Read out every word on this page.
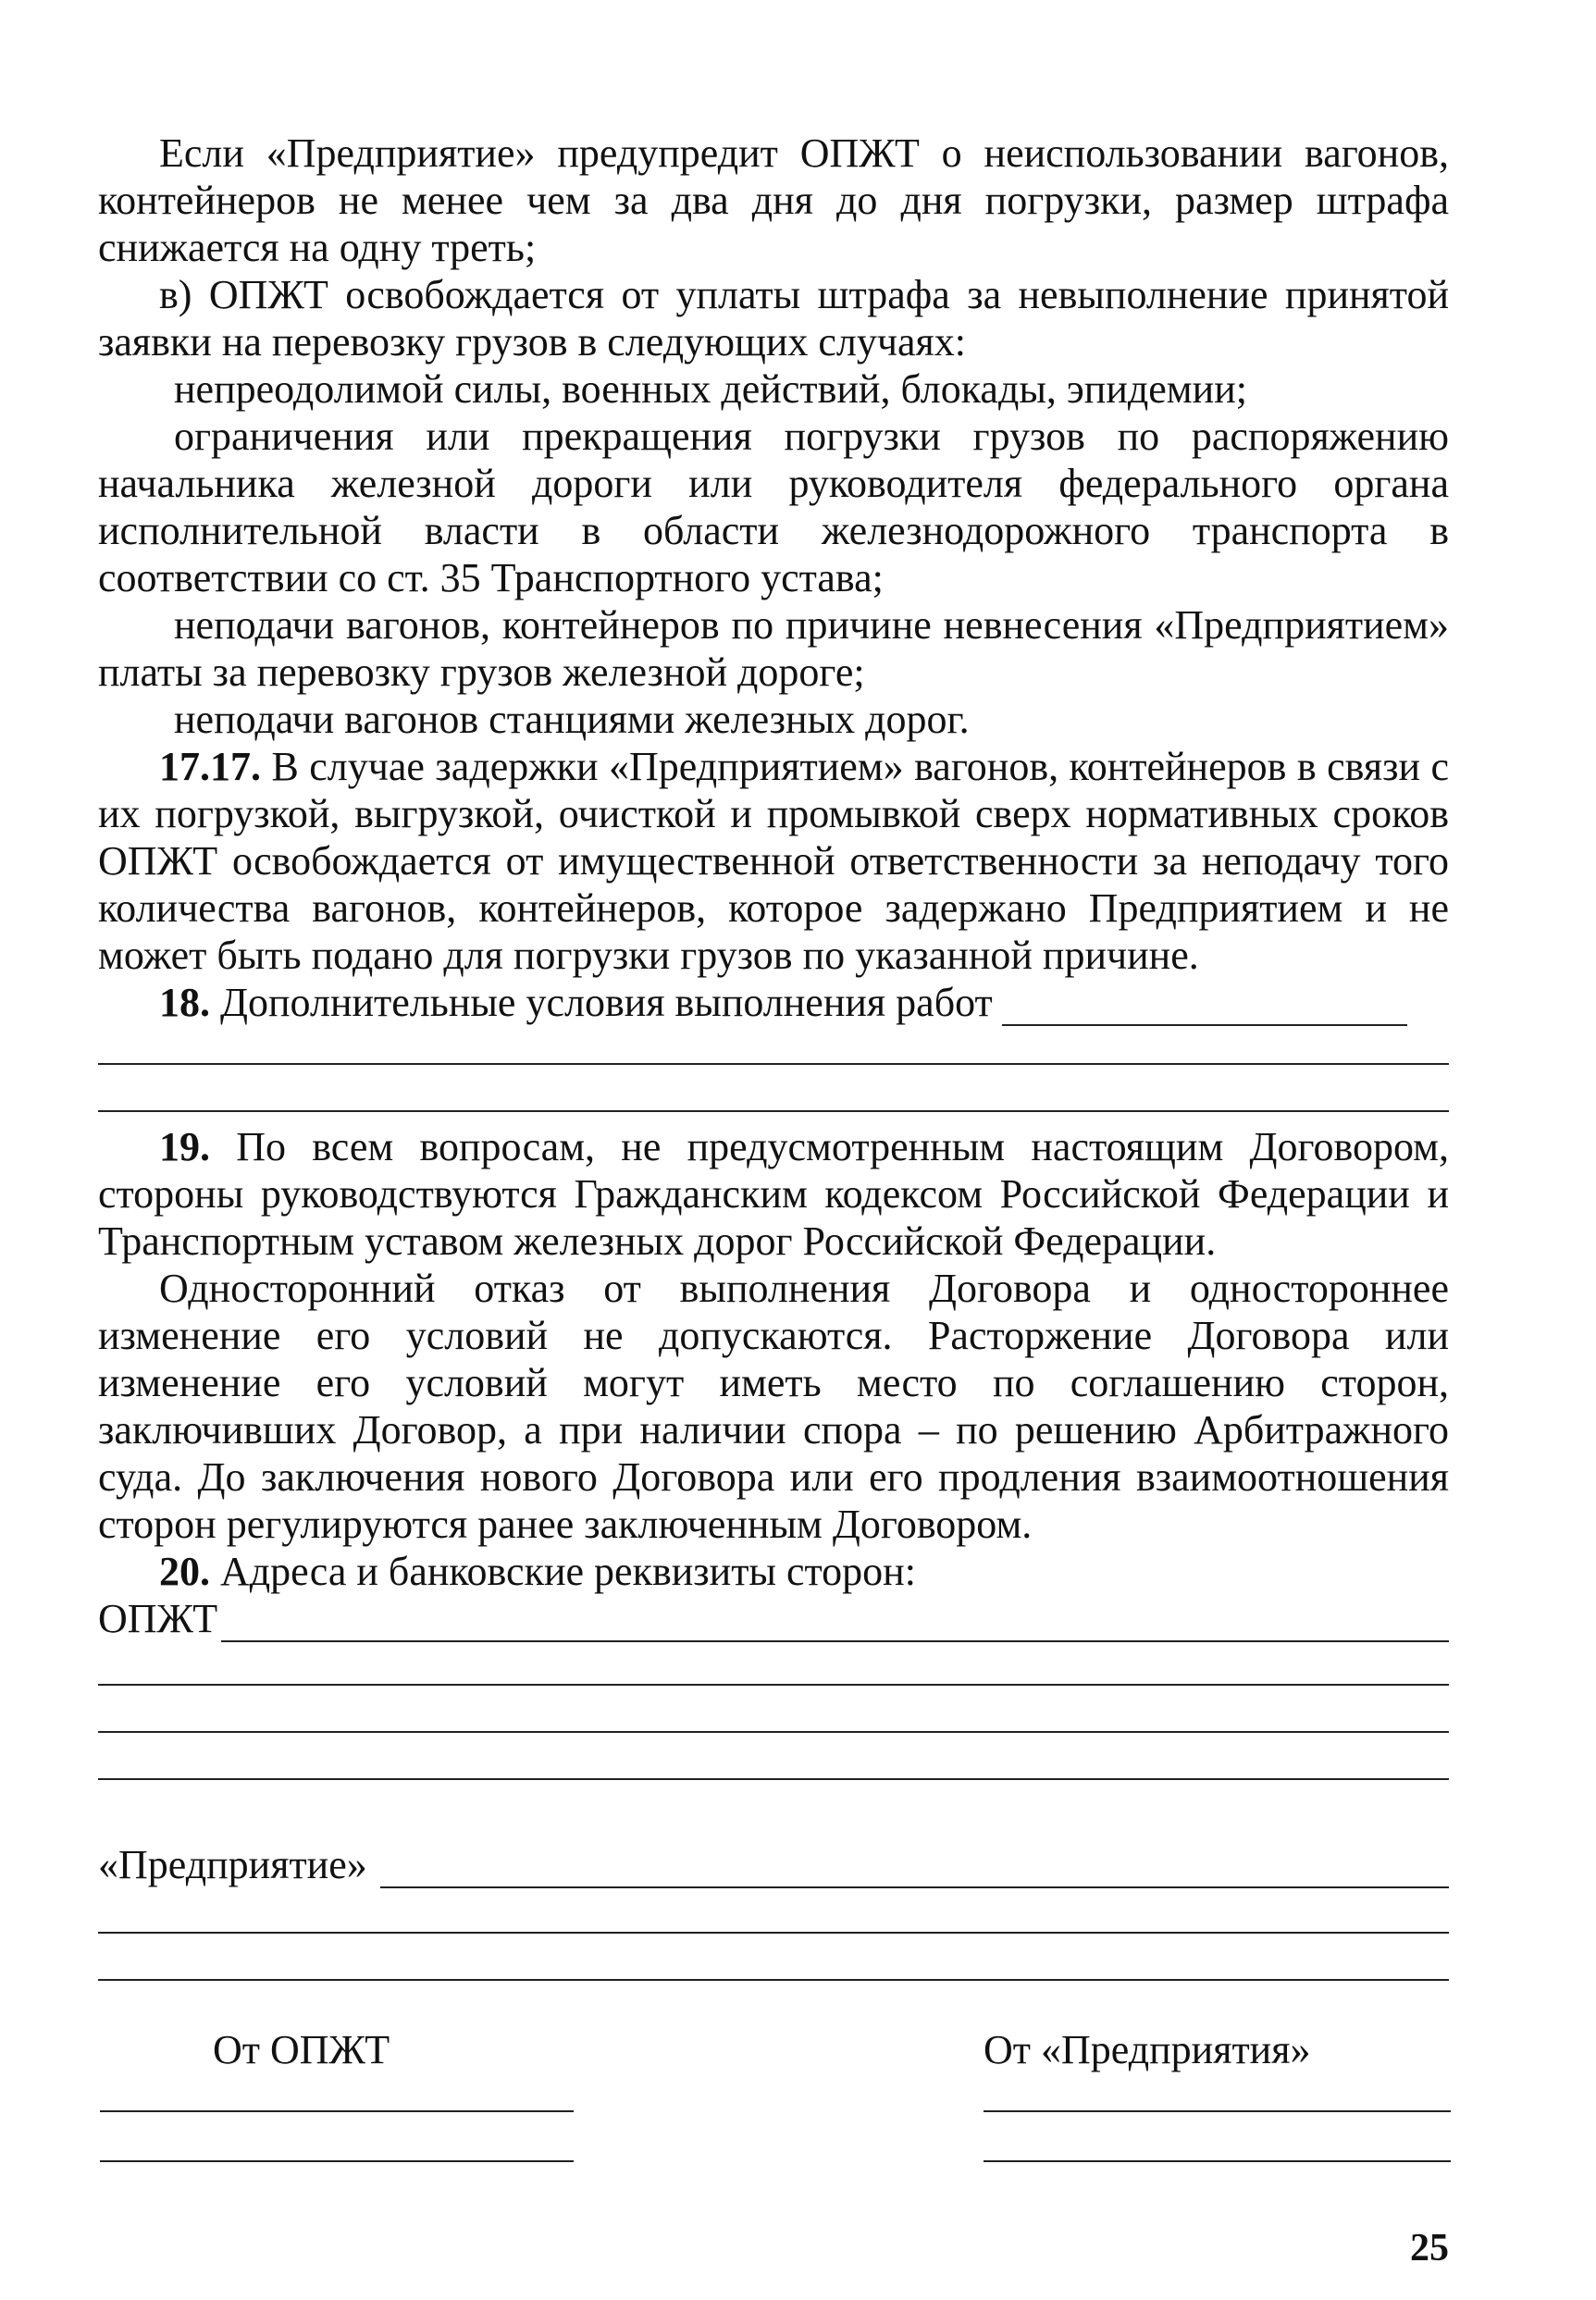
Если «Предприятие» предупредит ОПЖТ о неиспользовании вагонов, контейнеров не менее чем за два дня до дня погрузки, размер штрафа снижается на одну треть;

в) ОПЖТ освобождается от уплаты штрафа за невыполнение принятой заявки на перевозку грузов в следующих случаях:

непреодолимой силы, военных действий, блокады, эпидемии;

ограничения или прекращения погрузки грузов по распоряжению начальника железной дороги или руководителя федерального органа исполнительной власти в области железнодорожного транспорта в соответствии со ст. 35 Транспортного устава;

неподачи вагонов, контейнеров по причине невнесения «Предприятием» платы за перевозку грузов железной дороге;

неподачи вагонов станциями железных дорог.

17.17. В случае задержки «Предприятием» вагонов, контейнеров в связи с их погрузкой, выгрузкой, очисткой и промывкой сверх нормативных сроков ОПЖТ освобождается от имущественной ответственности за неподачу того количества вагонов, контейнеров, которое задержано Предприятием и не может быть подано для погрузки грузов по указанной причине.

18. Дополнительные условия выполнения работ

19. По всем вопросам, не предусмотренным настоящим Договором, стороны руководствуются Гражданским кодексом Российской Федерации и Транспортным уставом железных дорог Российской Федерации.

Односторонний отказ от выполнения Договора и одностороннее изменение его условий не допускаются. Расторжение Договора или изменение его условий могут иметь место по соглашению сторон, заключивших Договор, а при наличии спора – по решению Арбитражного суда. До заключения нового Договора или его продления взаимоотношения сторон регулируются ранее заключенным Договором.

20. Адреса и банковские реквизиты сторон:

ОПЖТ
«Предприятие»
От ОПЖТ	От «Предприятия»
25
